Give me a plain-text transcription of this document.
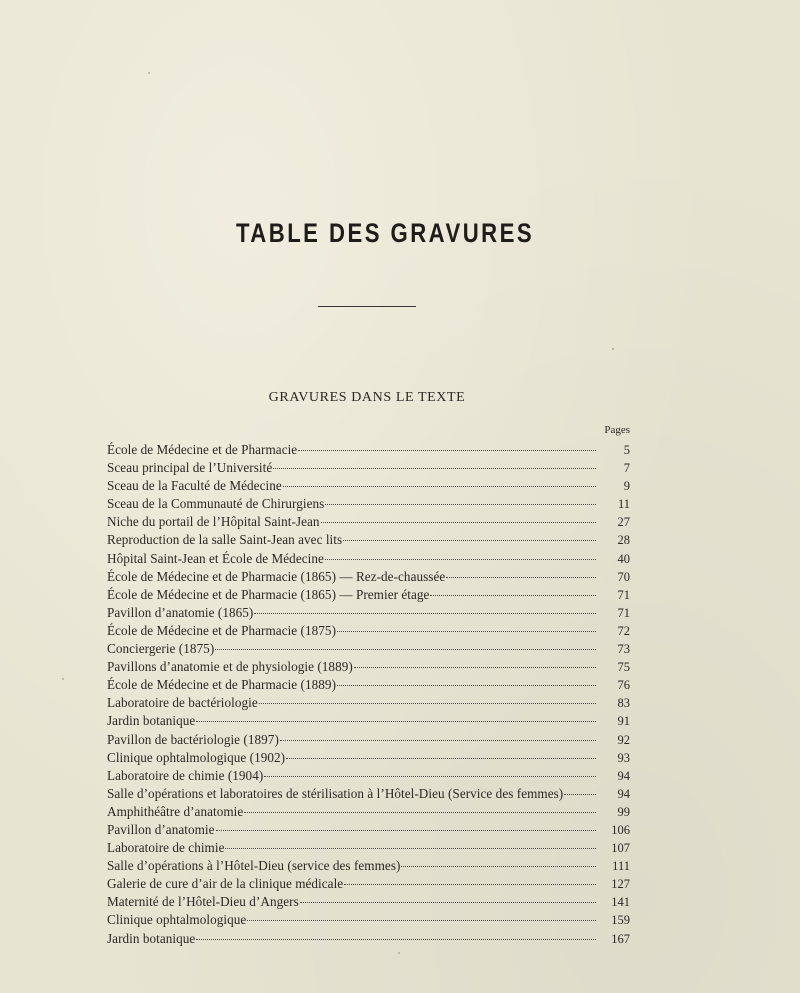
TABLE DES GRAVURES
GRAVURES DANS LE TEXTE
Pages
École de Médecine et de Pharmacie	5
Sceau principal de l’Université	7
Sceau de la Faculté de Médecine	9
Sceau de la Communauté de Chirurgiens	11
Niche du portail de l’Hôpital Saint-Jean	27
Reproduction de la salle Saint-Jean avec lits	28
Hôpital Saint-Jean et École de Médecine	40
École de Médecine et de Pharmacie (1865) — Rez-de-chaussée	70
École de Médecine et de Pharmacie (1865) — Premier étage	71
Pavillon d’anatomie (1865)	71
École de Médecine et de Pharmacie (1875)	72
Conciergerie (1875)	73
Pavillons d’anatomie et de physiologie (1889)	75
École de Médecine et de Pharmacie (1889)	76
Laboratoire de bactériologie	83
Jardin botanique	91
Pavillon de bactériologie (1897)	92
Clinique ophtalmologique (1902)	93
Laboratoire de chimie (1904)	94
Salle d’opérations et laboratoires de stérilisation à l’Hôtel-Dieu (Service des femmes)	94
Amphithéâtre d’anatomie	99
Pavillon d’anatomie	106
Laboratoire de chimie	107
Salle d’opérations à l’Hôtel-Dieu (service des femmes)	111
Galerie de cure d’air de la clinique médicale	127
Maternité de l’Hôtel-Dieu d’Angers	141
Clinique ophtalmologique	159
Jardin botanique	167
